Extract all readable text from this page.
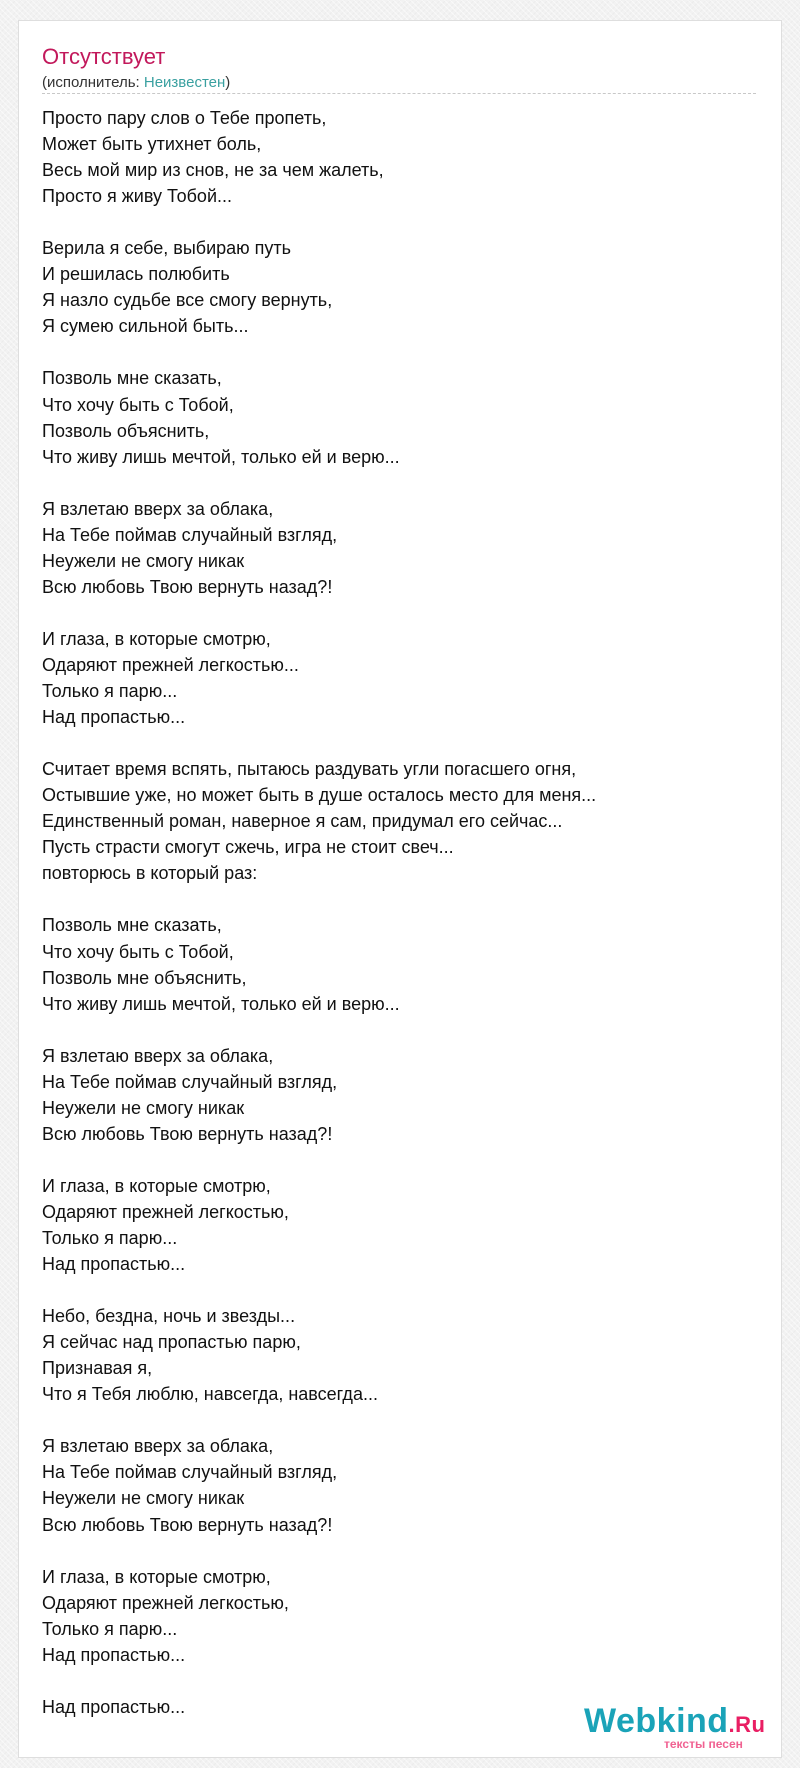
Отсутствует
(исполнитель: Неизвестен)
Просто пару слов о Тебе пропеть,
Может быть утихнет боль,
Весь мой мир из снов, не за чем жалеть,
Просто я живу Тобой...
Верила я себе, выбираю путь
И решилась полюбить
Я назло судьбе все смогу вернуть,
Я сумею сильной быть...
Позволь мне сказать,
Что хочу быть с Тобой,
Позволь объяснить,
Что живу лишь мечтой, только ей и верю...
Я взлетаю вверх за облака,
На Тебе поймав случайный взгляд,
Неужели не смогу никак
Всю любовь Твою вернуть назад?!
И глаза, в которые смотрю,
Одаряют прежней легкостью...
Только я парю...
Над пропастью...
Считает время вспять, пытаюсь раздувать угли погасшего огня,
Остывшие уже, но может быть в душе осталось место для меня...
Единственный роман, наверное я сам, придумал его сейчас...
Пусть страсти смогут сжечь, игра не стоит свеч...
повторюсь в который раз:
Позволь мне сказать,
Что хочу быть с Тобой,
Позволь мне объяснить,
Что живу лишь мечтой, только ей и верю...
Я взлетаю вверх за облака,
На Тебе поймав случайный взгляд,
Неужели не смогу никак
Всю любовь Твою вернуть назад?!
И глаза, в которые смотрю,
Одаряют прежней легкостью,
Только я парю...
Над пропастью...
Небо, бездна, ночь и звезды...
Я сейчас над пропастью парю,
Признавая я,
Что я Тебя люблю, навсегда, навсегда...
Я взлетаю вверх за облака,
На Тебе поймав случайный взгляд,
Неужели не смогу никак
Всю любовь Твою вернуть назад?!
И глаза, в которые смотрю,
Одаряют прежней легкостью,
Только я парю...
Над пропастью...
Над пропастью...	Webkind.Ru
тексты песен
